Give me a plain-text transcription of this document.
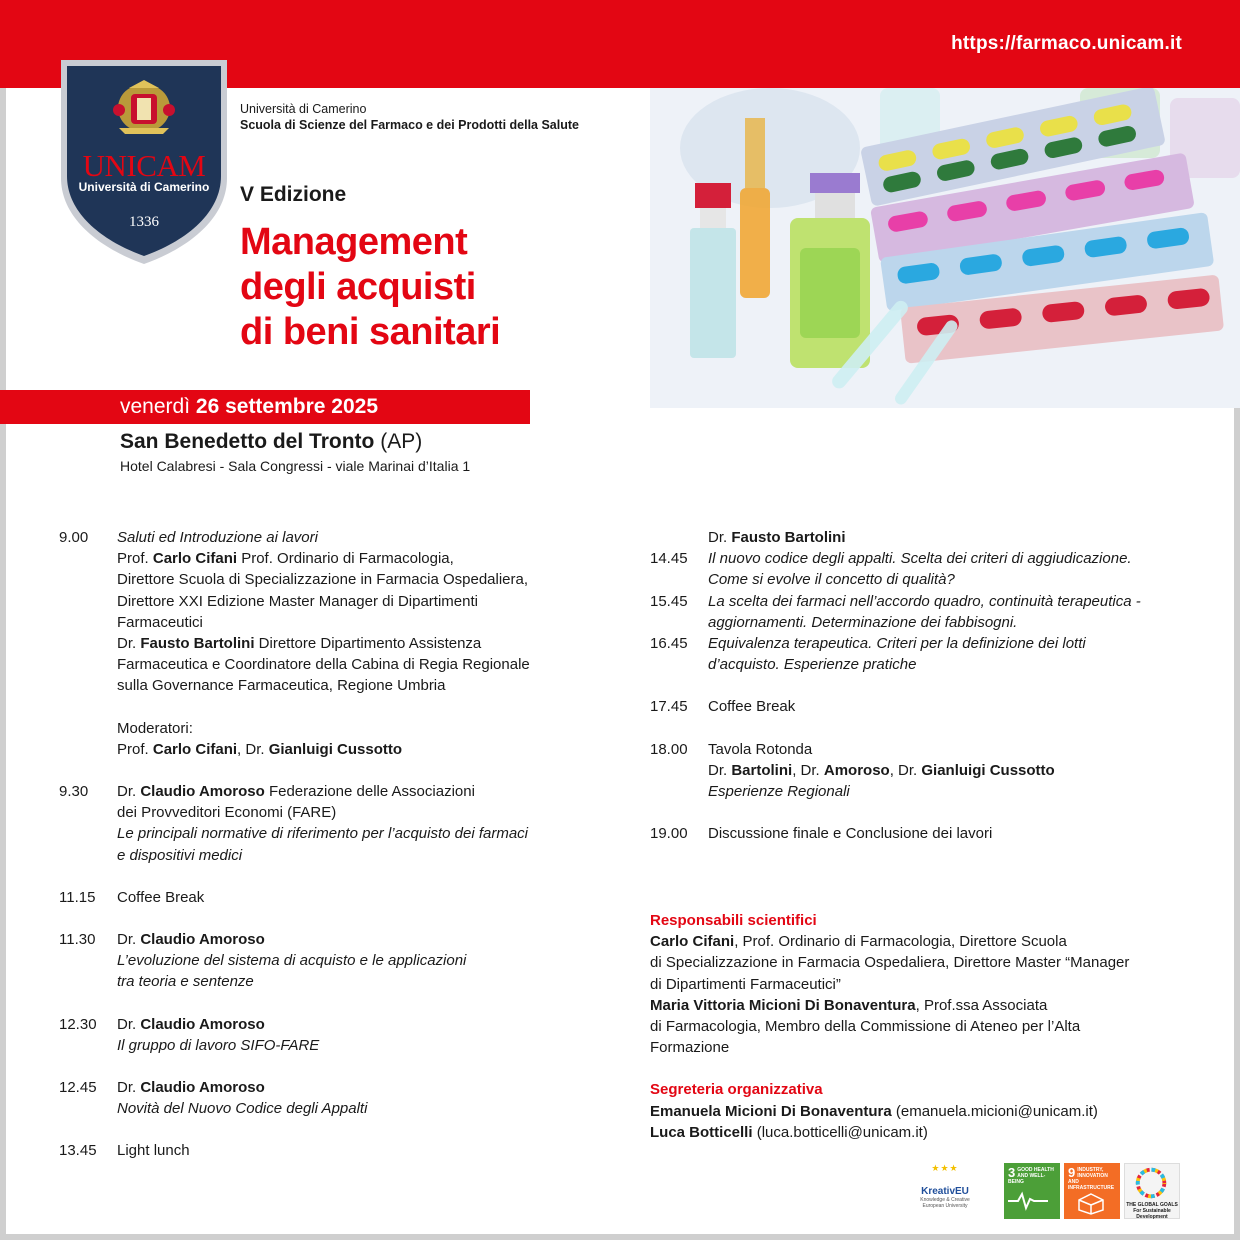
https://farmaco.unicam.it
UNICAM
Università di Camerino
1336
Università di Camerino
Scuola di Scienze del Farmaco e dei Prodotti della Salute
V Edizione
Management
degli acquisti
di beni sanitari
venerdì 26 settembre 2025
San Benedetto del Tronto (AP)
Hotel Calabresi - Sala Congressi - viale Marinai d’Italia 1
9.00 Saluti ed Introduzione ai lavori
Prof. Carlo Cifani Prof. Ordinario di Farmacologia,
Direttore Scuola di Specializzazione in Farmacia Ospedaliera,
Direttore XXI Edizione Master Manager di Dipartimenti
Farmaceutici
Dr. Fausto Bartolini Direttore Dipartimento Assistenza
Farmaceutica e Coordinatore della Cabina di Regia Regionale
sulla Governance Farmaceutica, Regione Umbria
Moderatori:
Prof. Carlo Cifani, Dr. Gianluigi Cussotto
9.30 Dr. Claudio Amoroso Federazione delle Associazioni
dei Provveditori Economi (FARE)
Le principali normative di riferimento per l’acquisto dei farmaci
e dispositivi medici
11.15 Coffee Break
11.30 Dr. Claudio Amoroso
L’evoluzione del sistema di acquisto e le applicazioni
tra teoria e sentenze
12.30 Dr. Claudio Amoroso
Il gruppo di lavoro SIFO-FARE
12.45 Dr. Claudio Amoroso
Novità del Nuovo Codice degli Appalti
13.45 Light lunch
Dr. Fausto Bartolini
14.45 Il nuovo codice degli appalti. Scelta dei criteri di aggiudicazione.
Come si evolve il concetto di qualità?
15.45 La scelta dei farmaci nell’accordo quadro, continuità terapeutica -
aggiornamenti. Determinazione dei fabbisogni.
16.45 Equivalenza terapeutica. Criteri per la definizione dei lotti
d’acquisto. Esperienze pratiche
17.45 Coffee Break
18.00 Tavola Rotonda
Dr. Bartolini, Dr. Amoroso, Dr. Gianluigi Cussotto
Esperienze Regionali
19.00 Discussione finale e Conclusione dei lavori
Responsabili scientifici
Carlo Cifani, Prof. Ordinario di Farmacologia, Direttore Scuola
di Specializzazione in Farmacia Ospedaliera, Direttore Master “Manager
di Dipartimenti Farmaceutici”
Maria Vittoria Micioni Di Bonaventura, Prof.ssa Associata
di Farmacologia, Membro della Commissione di Ateneo per l’Alta
Formazione
Segreteria organizzativa
Emanuela Micioni Di Bonaventura (emanuela.micioni@unicam.it)
Luca Botticelli (luca.botticelli@unicam.it)
★★★
KreativEU
Knowledge & Creative European University
3 GOOD HEALTH AND WELL-BEING
9 INDUSTRY, INNOVATION AND INFRASTRUCTURE
THE GLOBAL GOALS For Sustainable Development
